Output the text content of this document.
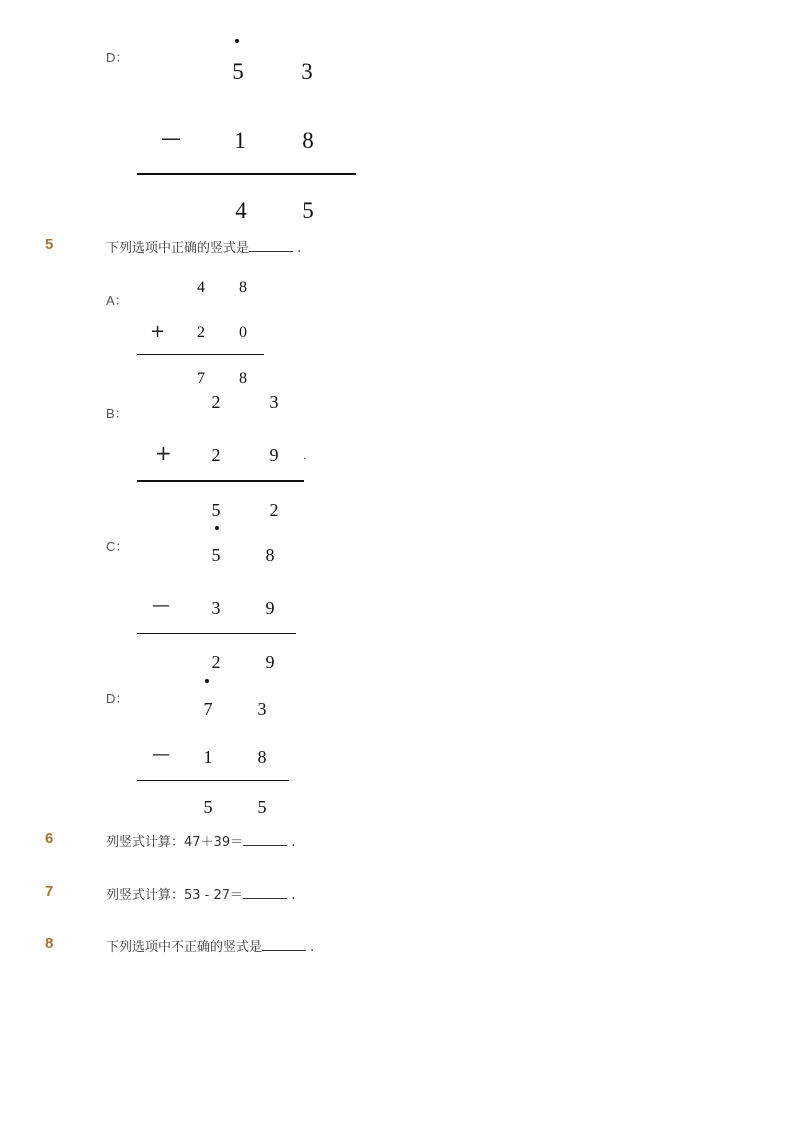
D：
5	3
— 1 8
4 5
5	下列选项中正确的竖式是	.
A：
4 8
+ 2 0
7 8
B：
2	3
+ 2	9	.
5	2
C：	5	8
— 3	9
2	9
D：
7	3
— 1	8
5	5
6	列竖式计算：47＋39＝	.
7	列竖式计算：53 - 27＝	.
8	下列选项中不正确的竖式是	.
